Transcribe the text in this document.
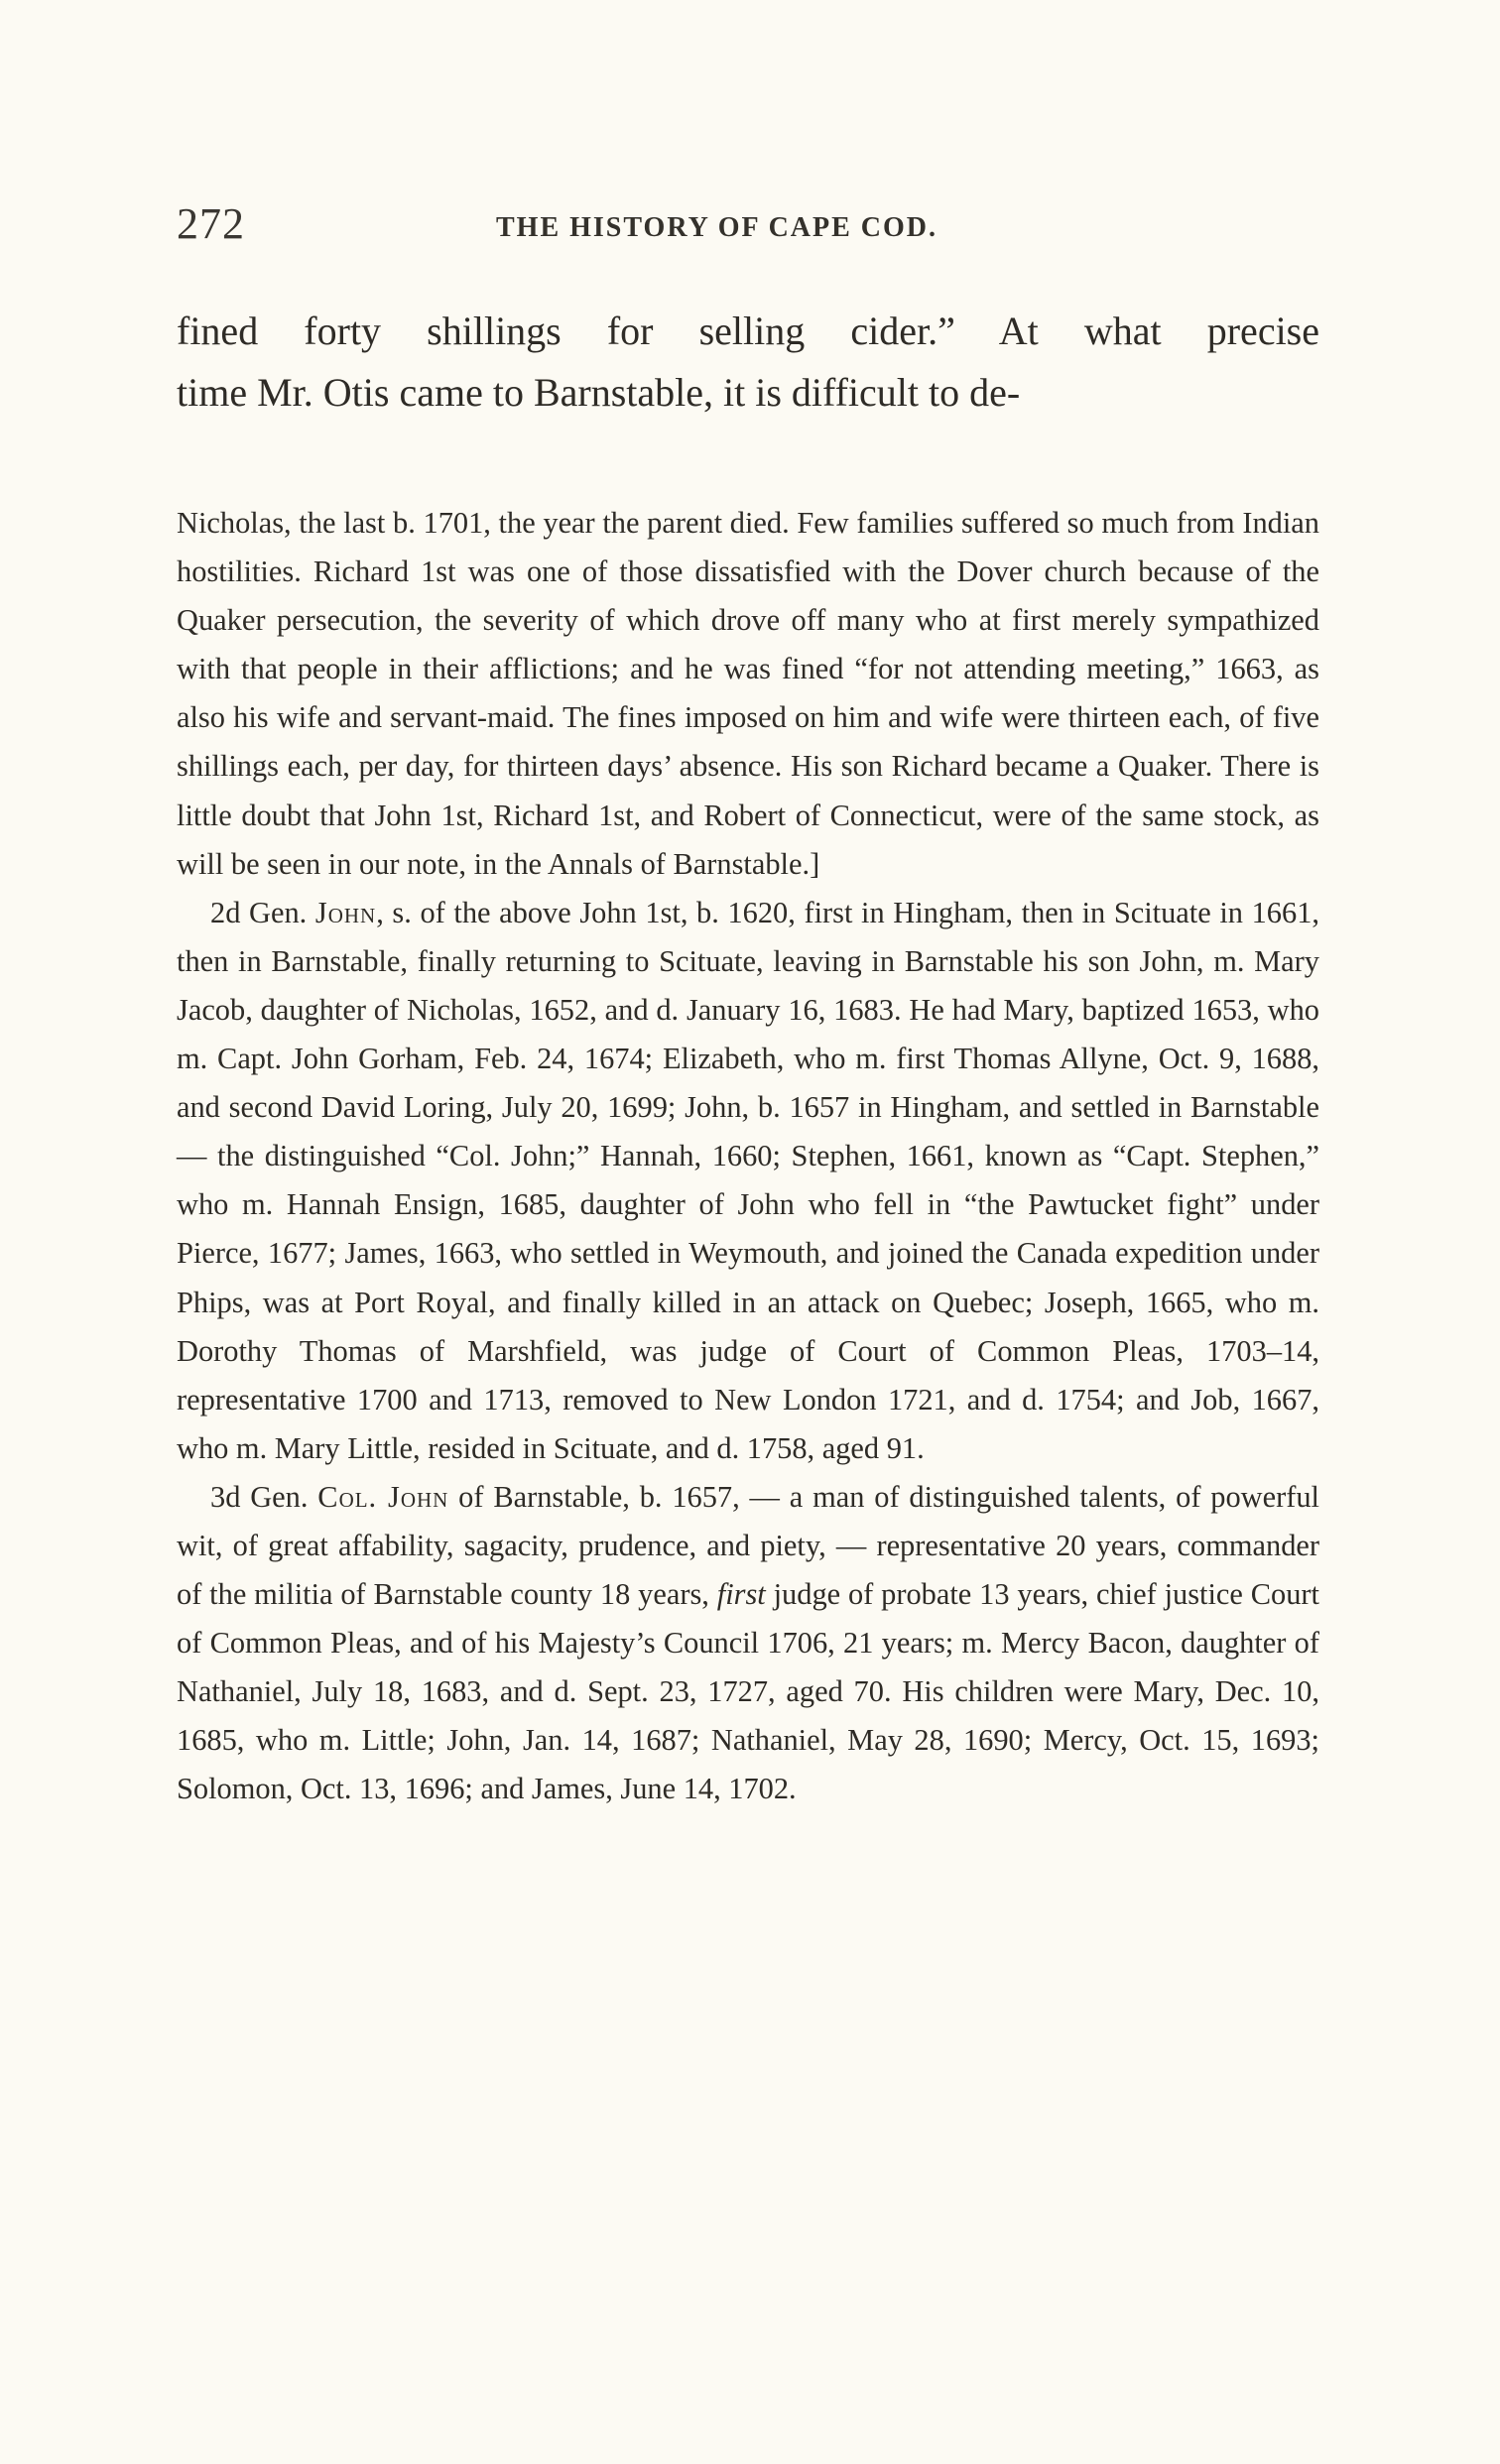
272	THE HISTORY OF CAPE COD.

fined forty shillings for selling cider.” At what precise

time Mr. Otis came to Barnstable, it is difficult to de-

Nicholas, the last b. 1701, the year the parent died. Few families suffered so much from Indian hostilities. Richard 1st was one of those dissatisfied with the Dover church because of the Quaker persecution, the severity of which drove off many who at first merely sympathized with that people in their afflictions; and he was fined “for not attending meeting,” 1663, as also his wife and servant-maid. The fines imposed on him and wife were thirteen each, of five shillings each, per day, for thirteen days’ absence. His son Richard became a Quaker. There is little doubt that John 1st, Richard 1st, and Robert of Connecticut, were of the same stock, as will be seen in our note, in the Annals of Barnstable.]

2d Gen. John, s. of the above John 1st, b. 1620, first in Hingham, then in Scituate in 1661, then in Barnstable, finally returning to Scituate, leaving in Barnstable his son John, m. Mary Jacob, daughter of Nicholas, 1652, and d. January 16, 1683. He had Mary, baptized 1653, who m. Capt. John Gorham, Feb. 24, 1674; Elizabeth, who m. first Thomas Allyne, Oct. 9, 1688, and second David Loring, July 20, 1699; John, b. 1657 in Hingham, and settled in Barnstable — the distinguished “Col. John;” Hannah, 1660; Stephen, 1661, known as “Capt. Stephen,” who m. Hannah Ensign, 1685, daughter of John who fell in “the Pawtucket fight” under Pierce, 1677; James, 1663, who settled in Weymouth, and joined the Canada expedition under Phips, was at Port Royal, and finally killed in an attack on Quebec; Joseph, 1665, who m. Dorothy Thomas of Marshfield, was judge of Court of Common Pleas, 1703–14, representative 1700 and 1713, removed to New London 1721, and d. 1754; and Job, 1667, who m. Mary Little, resided in Scituate, and d. 1758, aged 91.

3d Gen. Col. John of Barnstable, b. 1657, — a man of distinguished talents, of powerful wit, of great affability, sagacity, prudence, and piety, — representative 20 years, commander of the militia of Barnstable county 18 years, first judge of probate 13 years, chief justice Court of Common Pleas, and of his Majesty’s Council 1706, 21 years; m. Mercy Bacon, daughter of Nathaniel, July 18, 1683, and d. Sept. 23, 1727, aged 70. His children were Mary, Dec. 10, 1685, who m. Little; John, Jan. 14, 1687; Nathaniel, May 28, 1690; Mercy, Oct. 15, 1693; Solomon, Oct. 13, 1696; and James, June 14, 1702.
